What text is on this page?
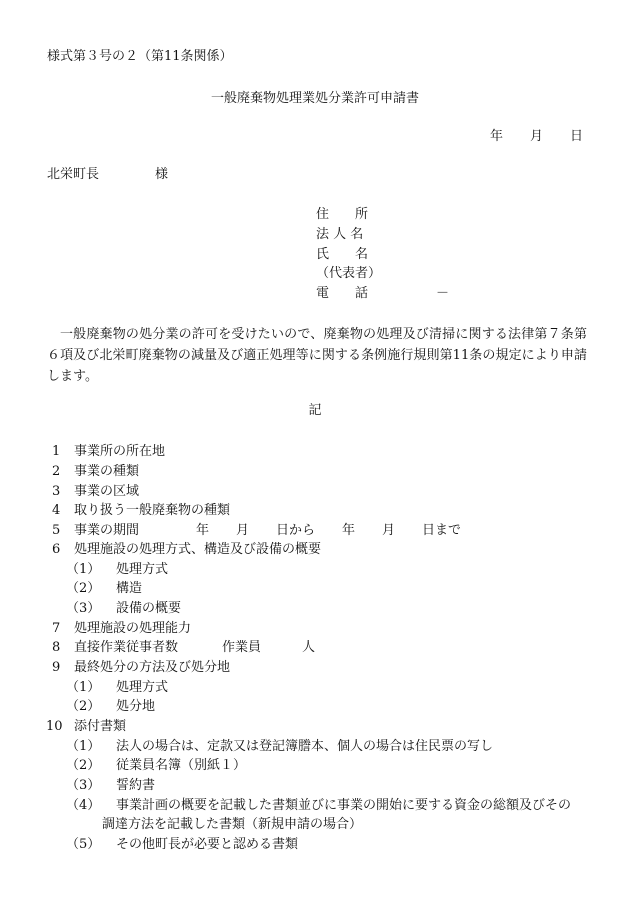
様式第３号の２（第11条関係）
一般廃棄物処理業処分業許可申請書
年 月 日
北栄町長	様
住　　所
法 人 名
氏　　名
（代表者）
電　　話	－
一般廃棄物の処分業の許可を受けたいので、廃棄物の処理及び清掃に関する法律第７条第６項及び北栄町廃棄物の減量及び適正処理等に関する条例施行規則第11条の規定により申請します。
記
1 事業所の所在地
2 事業の種類
3 事業の区域
4 取り扱う一般廃棄物の種類
5 事業の期間	年 月 日から 年 月 日まで
6 処理施設の処理方式、構造及び設備の概要
（1） 処理方式
（2） 構造
（3） 設備の概要
7 処理施設の処理能力
8 直接作業従事者数	作業員	人
9 最終処分の方法及び処分地
（1） 処理方式
（2） 処分地
10 添付書類
（1） 法人の場合は、定款又は登記簿謄本、個人の場合は住民票の写し
（2） 従業員名簿（別紙１）
（3） 誓約書
（4） 事業計画の概要を記載した書類並びに事業の開始に要する資金の総額及びその
調達方法を記載した書類（新規申請の場合）
（5） その他町長が必要と認める書類
